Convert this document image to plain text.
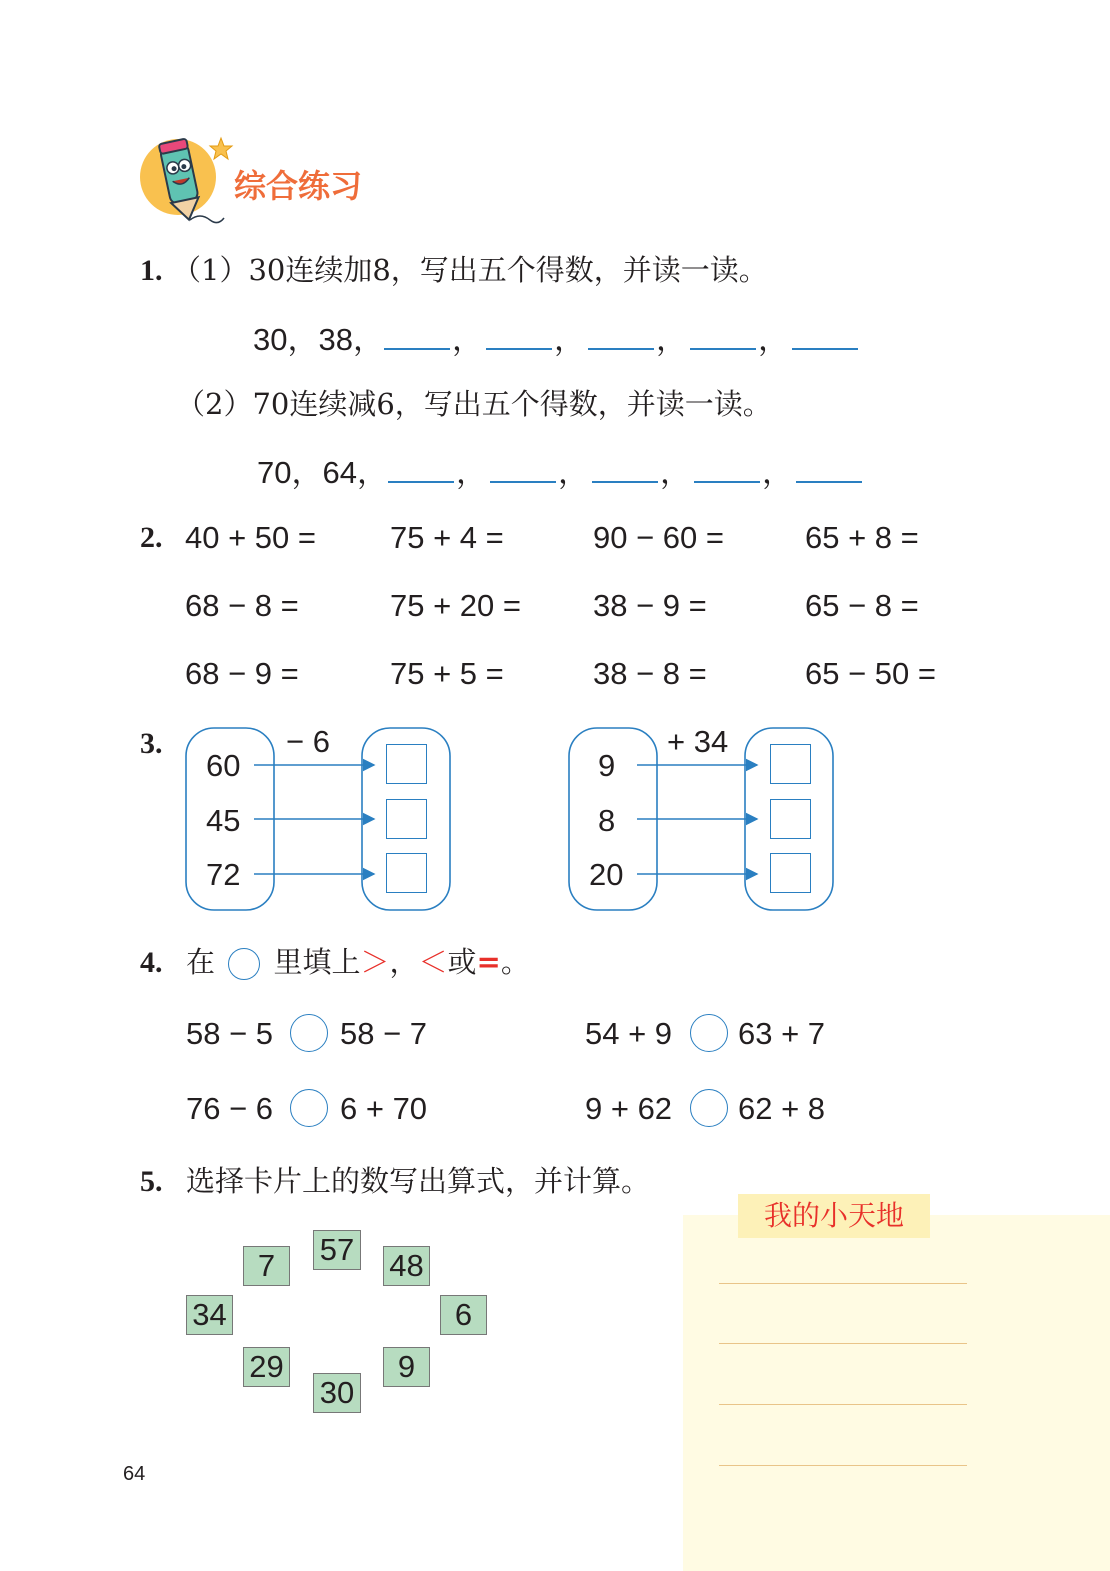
综合练习
1. （1）30连续加8，写出五个得数，并读一读。
30，38， ， ， ， ，
（2）70连续减6，写出五个得数，并读一读。
70，64， ， ， ， ，
2. 40 + 50 = 75 + 4 =	90 − 60 =	65 + 8 =
68 − 8 =	75 + 20 = 38 − 9 =	65 − 8 =
68 − 9 =	75 + 5 =	38 − 8 =	65 − 50 =
3.	− 6
60
45
72
+ 34
9
8
20
4. 在 里填上＞，＜或=。
58 − 5 58 − 7	54 + 9 63 + 7
76 − 6 6 + 70	9 + 62 62 + 8
5. 选择卡片上的数写出算式，并计算。
7	57 48
34	6
29
30
9
我的小天地
64
